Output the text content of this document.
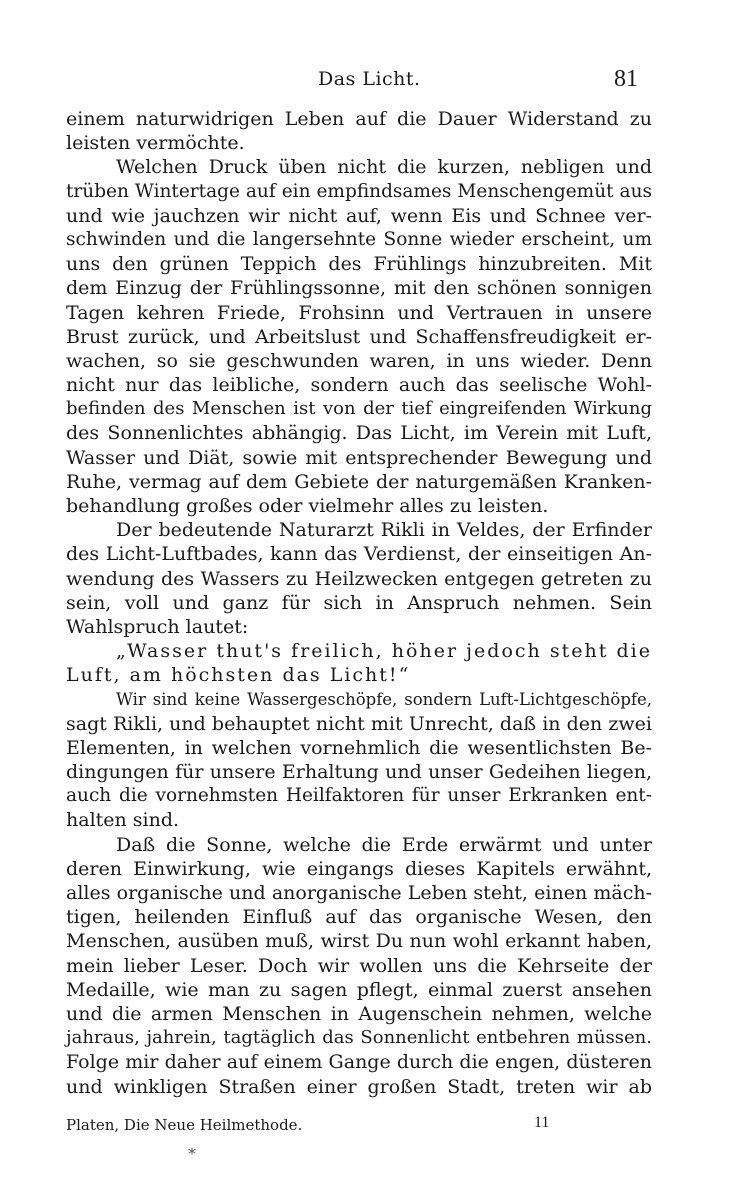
Das Licht.	81
einem naturwidrigen Leben auf die Dauer Widerstand zu
leisten vermöchte.
Welchen Druck üben nicht die kurzen, nebligen und
trüben Wintertage auf ein empfindsames Menschengemüt aus
und wie jauchzen wir nicht auf, wenn Eis und Schnee ver-
schwinden und die langersehnte Sonne wieder erscheint, um
uns den grünen Teppich des Frühlings hinzubreiten. Mit
dem Einzug der Frühlingssonne, mit den schönen sonnigen
Tagen kehren Friede, Frohsinn und Vertrauen in unsere
Brust zurück, und Arbeitslust und Schaffensfreudigkeit er-
wachen, so sie geschwunden waren, in uns wieder. Denn
nicht nur das leibliche, sondern auch das seelische Wohl-
befinden des Menschen ist von der tief eingreifenden Wirkung
des Sonnenlichtes abhängig. Das Licht, im Verein mit Luft,
Wasser und Diät, sowie mit entsprechender Bewegung und
Ruhe, vermag auf dem Gebiete der naturgemäßen Kranken-
behandlung großes oder vielmehr alles zu leisten.
Der bedeutende Naturarzt Rikli in Veldes, der Erfinder
des Licht-Luftbades, kann das Verdienst, der einseitigen An-
wendung des Wassers zu Heilzwecken entgegen getreten zu
sein, voll und ganz für sich in Anspruch nehmen. Sein
Wahlspruch lautet:
„Wasser thut's freilich, höher jedoch steht die
Luft, am höchsten das Licht!“
Wir sind keine Wassergeschöpfe, sondern Luft-Lichtgeschöpfe,
sagt Rikli, und behauptet nicht mit Unrecht, daß in den zwei
Elementen, in welchen vornehmlich die wesentlichsten Be-
dingungen für unsere Erhaltung und unser Gedeihen liegen,
auch die vornehmsten Heilfaktoren für unser Erkranken ent-
halten sind.
Daß die Sonne, welche die Erde erwärmt und unter
deren Einwirkung, wie eingangs dieses Kapitels erwähnt,
alles organische und anorganische Leben steht, einen mäch-
tigen, heilenden Einfluß auf das organische Wesen, den
Menschen, ausüben muß, wirst Du nun wohl erkannt haben,
mein lieber Leser. Doch wir wollen uns die Kehrseite der
Medaille, wie man zu sagen pflegt, einmal zuerst ansehen
und die armen Menschen in Augenschein nehmen, welche
jahraus, jahrein, tagtäglich das Sonnenlicht entbehren müssen.
Folge mir daher auf einem Gange durch die engen, düsteren
und winkligen Straßen einer großen Stadt, treten wir ab
Platen, Die Neue Heilmethode.	11
*
